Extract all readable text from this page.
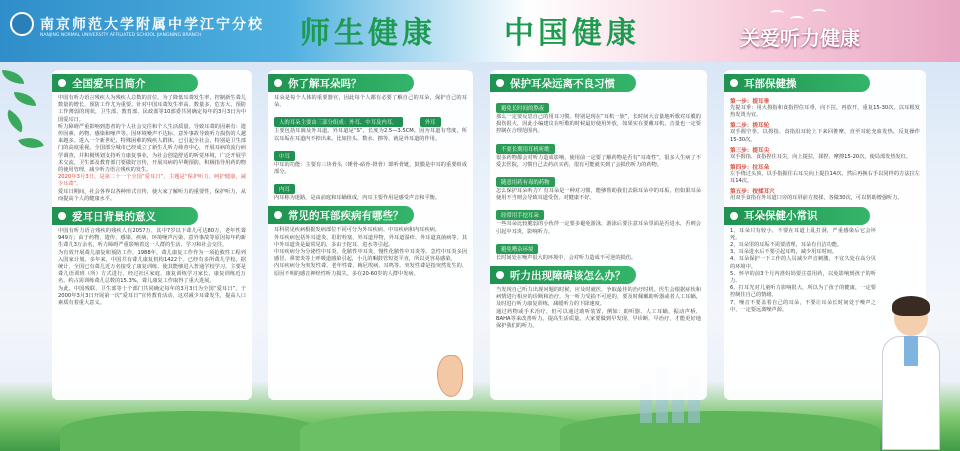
南京师范大学附属中学江宁分校
NANJING NORMAL UNIVERSITY AFFILIATED SCHOOL JIANGNING BRANCH	师生健康 中国健康	关爱听力健康
全国爱耳日简介

中国有听力语言残疾人为残疾人总数的首位。为了降低耳聋发生率，控制新生聋儿数量的增长，预防工作尤为重要。针对中国耳聋发生率高、数量多、危害大、预防工作薄弱的现状，卫生部、教育部、民政部等10部委共同确定每年的3月3日为中国爱耳日。

听力障碍严重影响到患者的个人社会交往和个人生活质量。导致耳聋的因素有：遗传因素、药物、感染和噪声等。因环境噪声不达标、意外事故导致听力损伤的人越来越多。进入一个新世纪，特殊困难的残疾人群体，已引起全社会，特别是卫生部门的高度重视。全国部分城市已经成立了新生儿听力筛查中心，开展耳病的流行病学调查，并积极规划支持听力康复事业，为社会创造舒适的听觉环境，广泛开展学术交流。卫生部及教育部门要做好宣传，开展耳病的早期预防，积极指导用药的物的使用管理，减少听力语言残疾的发生。

2020年3月3日，是第二十一个全国“爱耳日”，主题是“保护听力，呵护健康，减少耳聋”。

爱耳日期间，社会各界以各种形式宣传，使大家了解听力的重要性，保护听力，从而提高个人的健康水平。

爱耳日背景的意义

中国有听力语言残疾的残疾人有2057万，其中7岁以下聋儿可达80万，老年性聋949万；由于药物、遗传、感染、疾病、环境噪声污染、意外事故等原因每年约新生聋儿3万余名。听力障碍严重影响着这一人群的生活、学习和社会交往。

为有效开展聋儿康复和预防工作，1988年，聋儿康复工作作为一项抢救性工程列入国家计划。多年来，中国共有聋儿康复机构1422个。已经有多所聋儿学校。据统计，全国已有聋儿近万名接受了康复训练，使其能够进入普通学校学习。主要是聋儿语训班（所）方式进行。经过社区家庭、康复训练学习家长，康复训练近万名，约占需训练聋儿总数的15.3%，聋儿康复工作取得了重大进展。

为此，中国残联、卫生部等十个部门共同确定每年的3月3日为全国“爱耳日”。于2000年3月3日开展第一次“爱耳日”宣传教育活动，这对减少耳聋发生，提高人口素质有着重大意义。

你了解耳朵吗？

耳朵是每个人体的重要器官，因此每个人都有必要了解自己的耳朵，保护自己的耳朵。

人的耳朵主要由三部分组成：外耳、中耳及内耳。	外耳

主要包括耳廓及外耳道。外耳道是“S”，长度为2.5—3.5CM。因为耳道有弯度，所以耳垢在耳道内不掉出来。比如挂头、数水、擦等，就是外耳道的作用。

中耳

中耳的功能：主要有三块骨头（锤骨-砧骨-镫骨）即听骨链，鼓膜是中耳的重要组成部分。

内耳

内耳称为迷路，是由前庭和耳蜗组成，内耳主要作用是感受声音和平衡。

常见的耳部疾病有哪些？

耳科常见疾病根据发病部位不同可分为外耳疾病、中耳疾病和内耳疾病。

外耳疾病包括外耳道炎、耵聍栓塞、外耳道异物，外耳道湿疹、外耳道真菌病等。其中外耳道炎是最常见的，多由于挖耳、进水等引起。

中耳疾病分为分泌性中耳炎、化脓性中耳炎、慢性化脓性中耳炎等。急性中耳炎多因感冒、鼻窦炎等上呼吸道感染引起，小儿的咽鼓管短宽平直，所以更容易感染。

内耳疾病分为突发性聋、老年性聋、梅尼埃病、耳鸣等。突发性聋是指突然发生的、原因不明的感音神经性听力损失。多在20-60岁的人群中发病。

保护耳朵远离不良习惯
避免长时间的熬夜

那么一定要反思自己的用耳习惯。特别是现在“耳机一族”，长时间大音量地听歌对耳膜的损伤很大，因此小编建议在听歌的时候最好使用外放，如果实在要戴耳机，音量也一定要控制在合理范围内。

不要长期用耳机听歌

很多药物都会对听力造成影响，使用前一定要了解药物是否有“耳毒性”，很多人生病了不爱去医院，习惯自己去药店买药，很有可能就买到了会损伤听力的药物。

随意用药有毒的药物

怎么保护耳朵听力？有耳朵是一种对习惯，能够帮助我们去除耳朵中的耳垢，但如果耳朵使用不当则会导致耳道受伤，对健康不好。

经常用手挖耳朵

一些耳朵比较脆弱的小伙伴一定要多避免游泳，游泳后要注意耳朵里面是否进水，否则会引起中耳炎，影响听力。

避免嘈杂环境

长时间处在噪声很大的环境中，会对听力造成不可逆的损伤。

听力出现障碍该怎么办？

当发现自己听力出现问题的时候，应及时就医，争取最佳的治疗时机。医生会根据症状和病情进行相应的诊断和治疗。为一听力受损不可逆的，要及时佩戴助听器或者人工耳蜗，及时进行听力康复训练，减缓听力的下降速度。

通过药物或手术治疗，但可以通过助听装置，例如：助听器、人工耳蜗、振动声桥、BAHA等来改善听力。提高生活质量。大家要做到早发现、早诊断、早治疗，才能更好地保护我们的听力。

耳部保健操
第一步：提耳垂

先提耳垂：用大拇指和食指捏住耳垂，向下拉，再放开，重复15-30次。以耳根发热发烫为宜。

第二步：搓耳轮

双手握空拳，以拇指、食指沿耳轮上下来回推摩，直至耳轮充血发热。反复操作15-30次。

第三步：提耳尖

双手拇指、食指捏住耳尖，向上提拉，揉捏、摩擦15-20次，使局部发热发红。

第四步：拉耳朵

左手绕过头顶，以手指握住右耳尖向上提拉14次，然后再换右手以同样的方法拉左耳14次。

第五步：按揉耳穴

用双手食指在外耳道口旁的耳屏前方按揉，各做30次，可以帮助增强听力。

耳朵保健小常识

1、耳朵只有较小，不要在耳道上乱打洞，严重感染后它会坏死。

2、耳朵里的耳垢不需要清理，耳朵有自洁功能。

3、耳朵进水后不要引起耳鸣，减少用耳时间。

4、耳朵保护一下工作的人员减少声音刺激，不宜久处在高分贝的环境中。

5、怀孕的前3个月内准妈妈要注意用药，以免影响到孩子的听力。

6、打耳光对儿童听力影响很大，所以为了孩子的健康，一定要控制住自己的情绪。

7、噪音不要盖着自己的耳朵，不要让耳朵长时间处于噪声之中，一定要远离噪声源。
